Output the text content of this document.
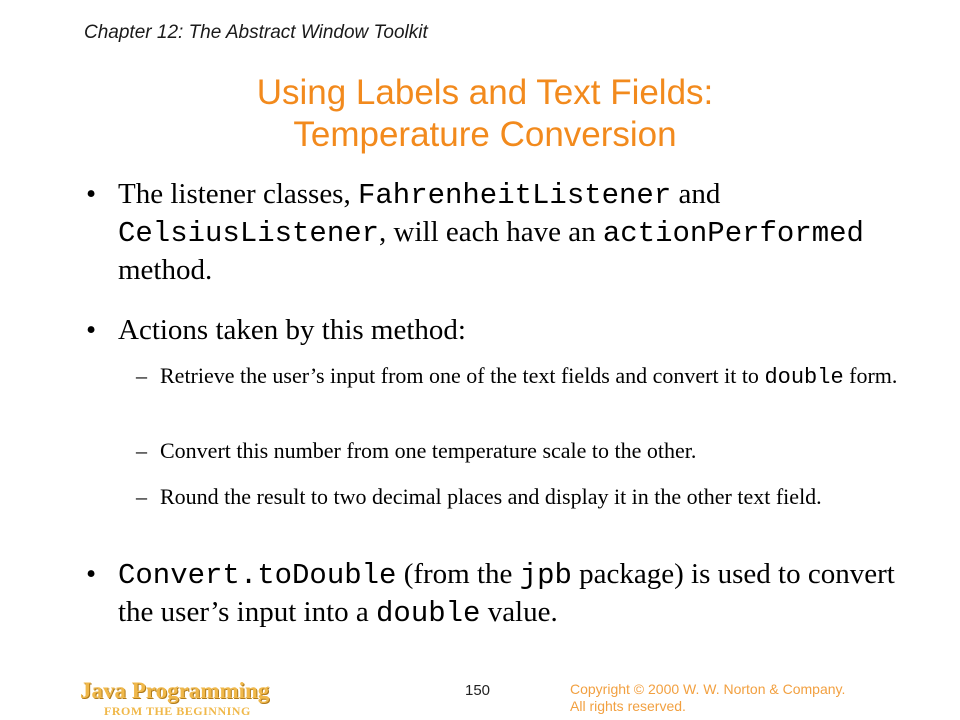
Chapter 12: The Abstract Window Toolkit
Using Labels and Text Fields:
Temperature Conversion
• The listener classes, FahrenheitListener and CelsiusListener, will each have an actionPerformed method.
• Actions taken by this method:
– Retrieve the user’s input from one of the text fields and convert it to double form.
– Convert this number from one temperature scale to the other.
– Round the result to two decimal places and display it in the other text field.
• Convert.toDouble (from the jpb package) is used to convert the user’s input into a double value.
Java Programming
FROM THE BEGINNING
150	Copyright © 2000 W. W. Norton & Company.
All rights reserved.
